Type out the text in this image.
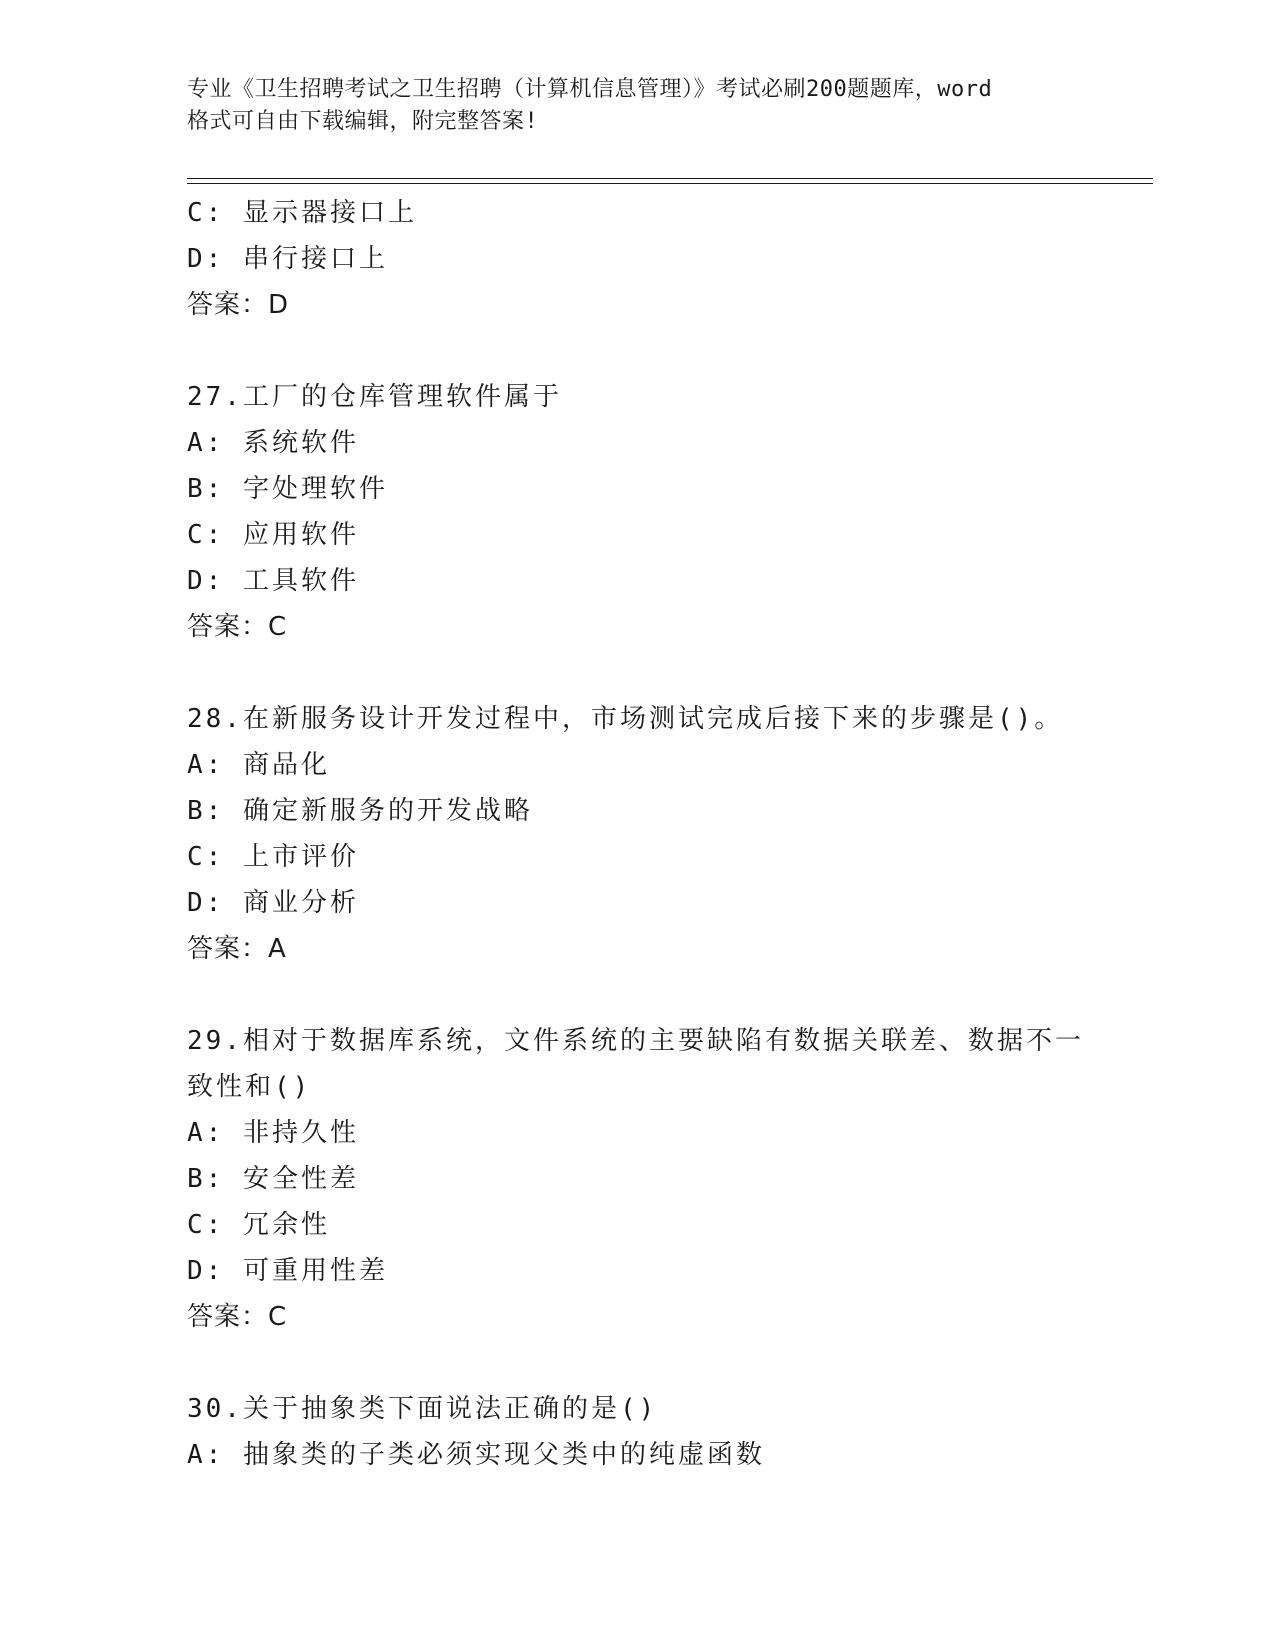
专业《卫生招聘考试之卫生招聘（计算机信息管理）》考试必刷200题题库，word
格式可自由下载编辑，附完整答案!
C: 显示器接口上
D: 串行接口上
答案：D
27.工厂的仓库管理软件属于
A: 系统软件
B: 字处理软件
C: 应用软件
D: 工具软件
答案：C
28.在新服务设计开发过程中，市场测试完成后接下来的步骤是()。
A: 商品化
B: 确定新服务的开发战略
C: 上市评价
D: 商业分析
答案：A
29.相对于数据库系统，文件系统的主要缺陷有数据关联差、数据不一
致性和()
A: 非持久性
B: 安全性差
C: 冗余性
D: 可重用性差
答案：C
30.关于抽象类下面说法正确的是()
A: 抽象类的子类必须实现父类中的纯虚函数
